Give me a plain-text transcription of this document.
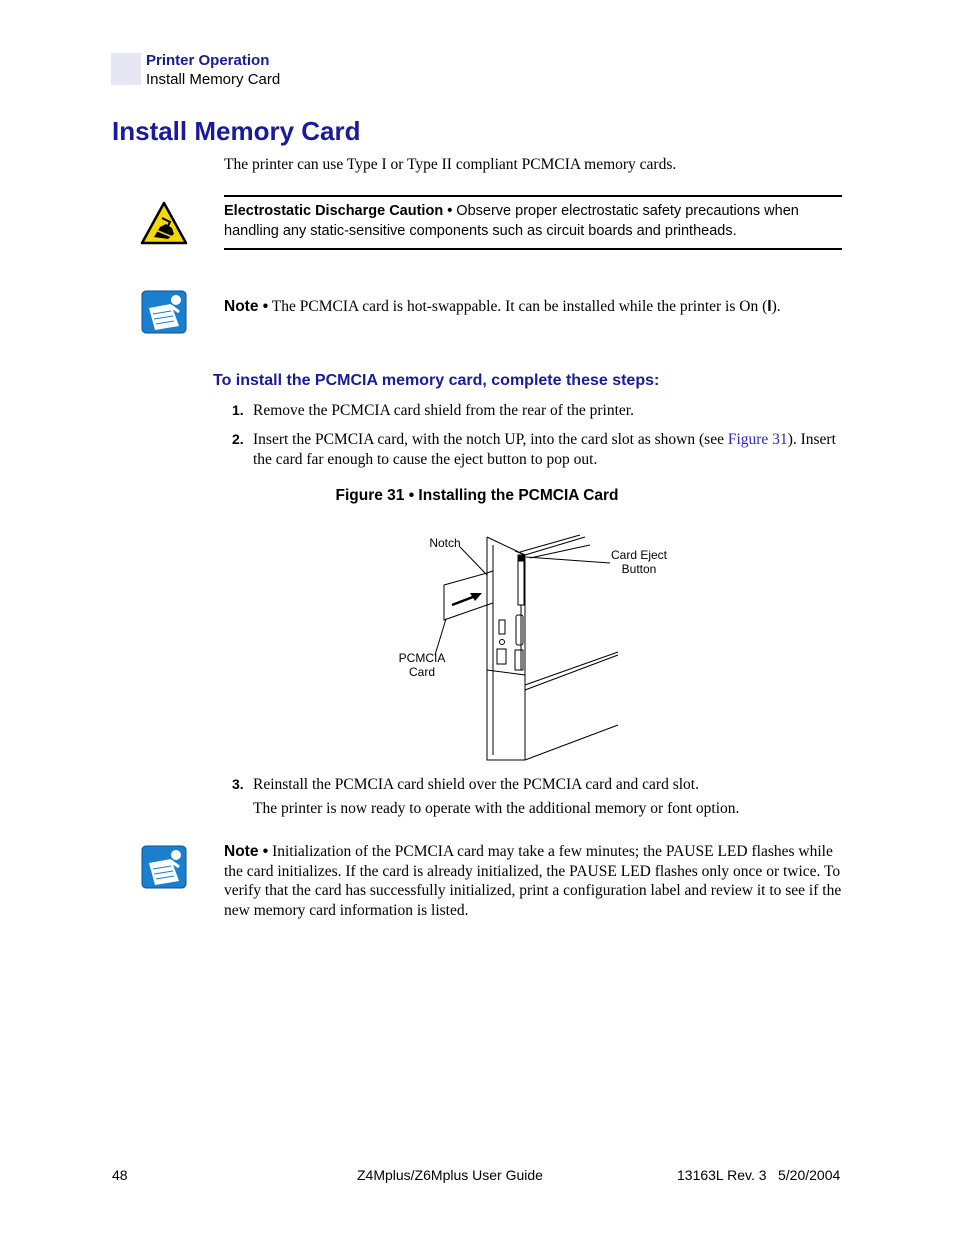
Printer Operation
Install Memory Card
Install Memory Card
The printer can use Type I or Type II compliant PCMCIA memory cards.
Electrostatic Discharge Caution • Observe proper electrostatic safety precautions when handling any static-sensitive components such as circuit boards and printheads.
Note • The PCMCIA card is hot-swappable. It can be installed while the printer is On (I).
To install the PCMCIA memory card, complete these steps:
1. Remove the PCMCIA card shield from the rear of the printer.
2. Insert the PCMCIA card, with the notch UP, into the card slot as shown (see Figure 31). Insert the card far enough to cause the eject button to pop out.
Figure 31 • Installing the PCMCIA Card
Notch
Card Eject
Button
PCMCIA
Card
3. Reinstall the PCMCIA card shield over the PCMCIA card and card slot.
The printer is now ready to operate with the additional memory or font option.
Note • Initialization of the PCMCIA card may take a few minutes; the PAUSE LED flashes while the card initializes. If the card is already initialized, the PAUSE LED flashes only once or twice. To verify that the card has successfully initialized, print a configuration label and review it to see if the new memory card information is listed.
48	Z4Mplus/Z6Mplus User Guide	13163L Rev. 3 5/20/2004
